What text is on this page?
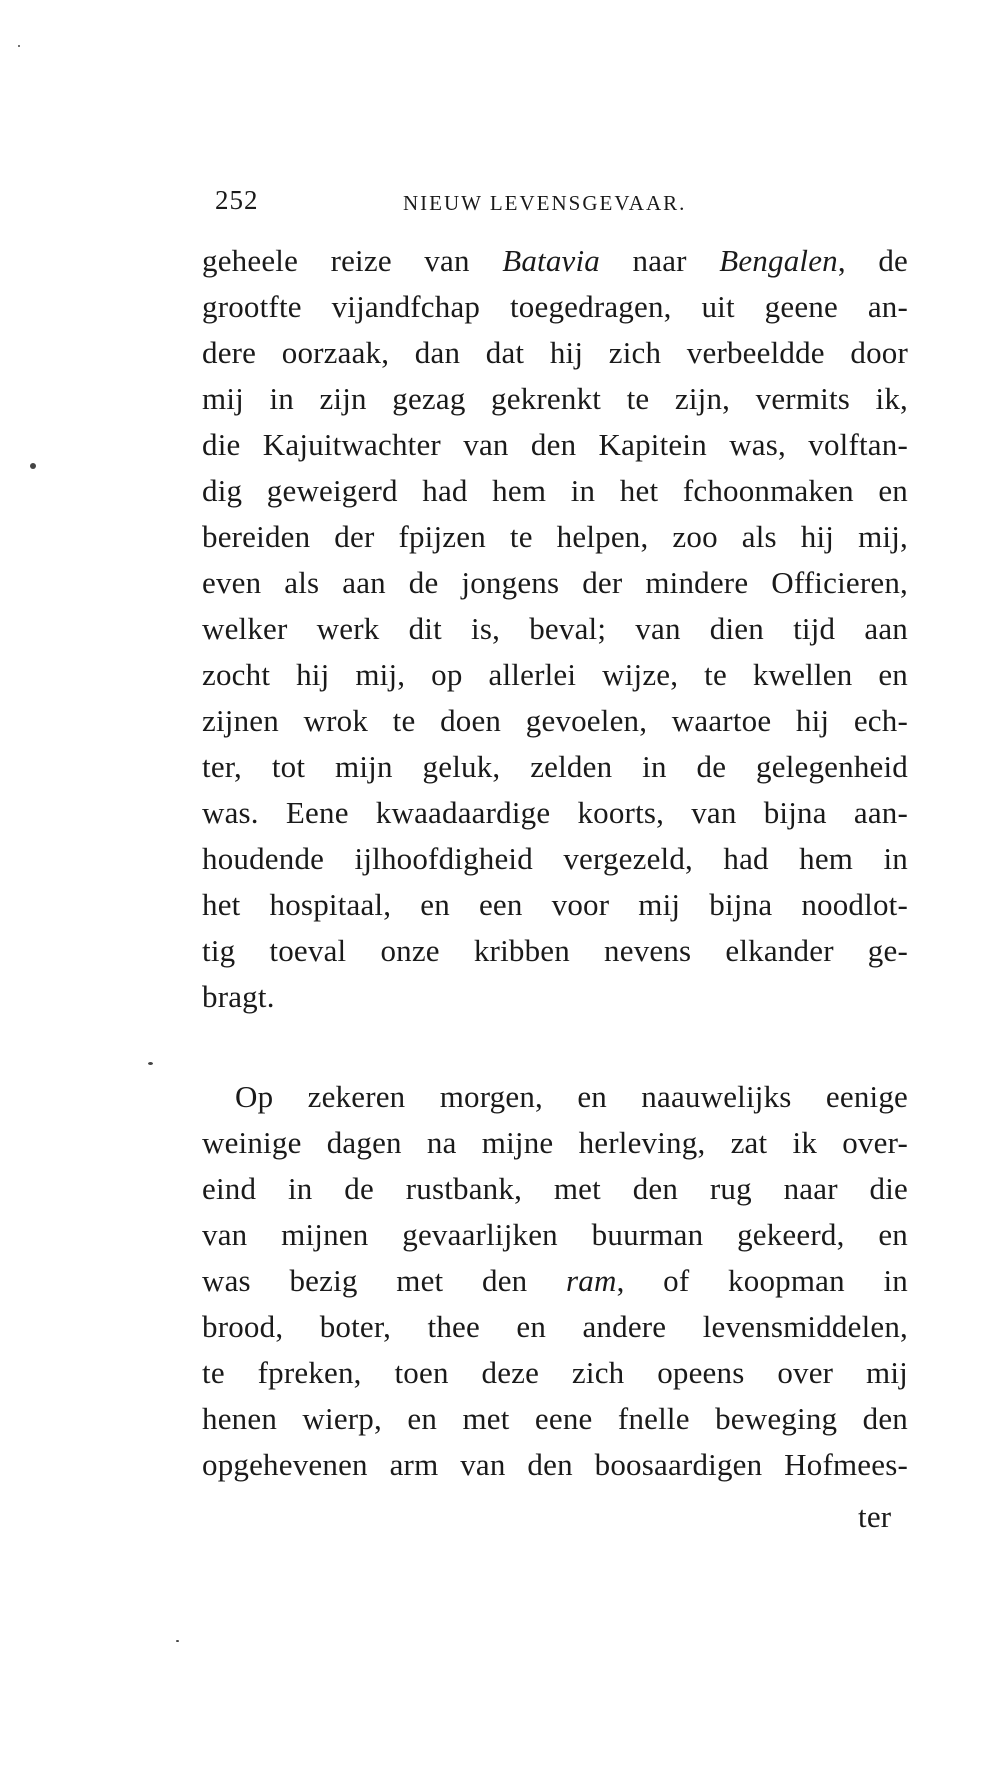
252	NIEUW LEVENSGEVAAR.
geheele reize van Batavia naar Bengalen, de
grootfte vijandfchap toegedragen, uit geene an-
dere oorzaak, dan dat hij zich verbeeldde door
mij in zijn gezag gekrenkt te zijn, vermits ik,
die Kajuitwachter van den Kapitein was, volftan-
dig geweigerd had hem in het fchoonmaken en
bereiden der fpijzen te helpen, zoo als hij mij,
even als aan de jongens der mindere Officieren,
welker werk dit is, beval; van dien tijd aan
zocht hij mij, op allerlei wijze, te kwellen en
zijnen wrok te doen gevoelen, waartoe hij ech-
ter, tot mijn geluk, zelden in de gelegenheid
was. Eene kwaadaardige koorts, van bijna aan-
houdende ijlhoofdigheid vergezeld, had hem in
het hospitaal, en een voor mij bijna noodlot-
tig toeval onze kribben nevens elkander ge-
bragt.
Op zekeren morgen, en naauwelijks eenige
weinige dagen na mijne herleving, zat ik over-
eind in de rustbank, met den rug naar die
van mijnen gevaarlijken buurman gekeerd, en
was bezig met den ram, of koopman in
brood, boter, thee en andere levensmiddelen,
te fpreken, toen deze zich opeens over mij
henen wierp, en met eene fnelle beweging den
opgehevenen arm van den boosaardigen Hofmees-
ter
